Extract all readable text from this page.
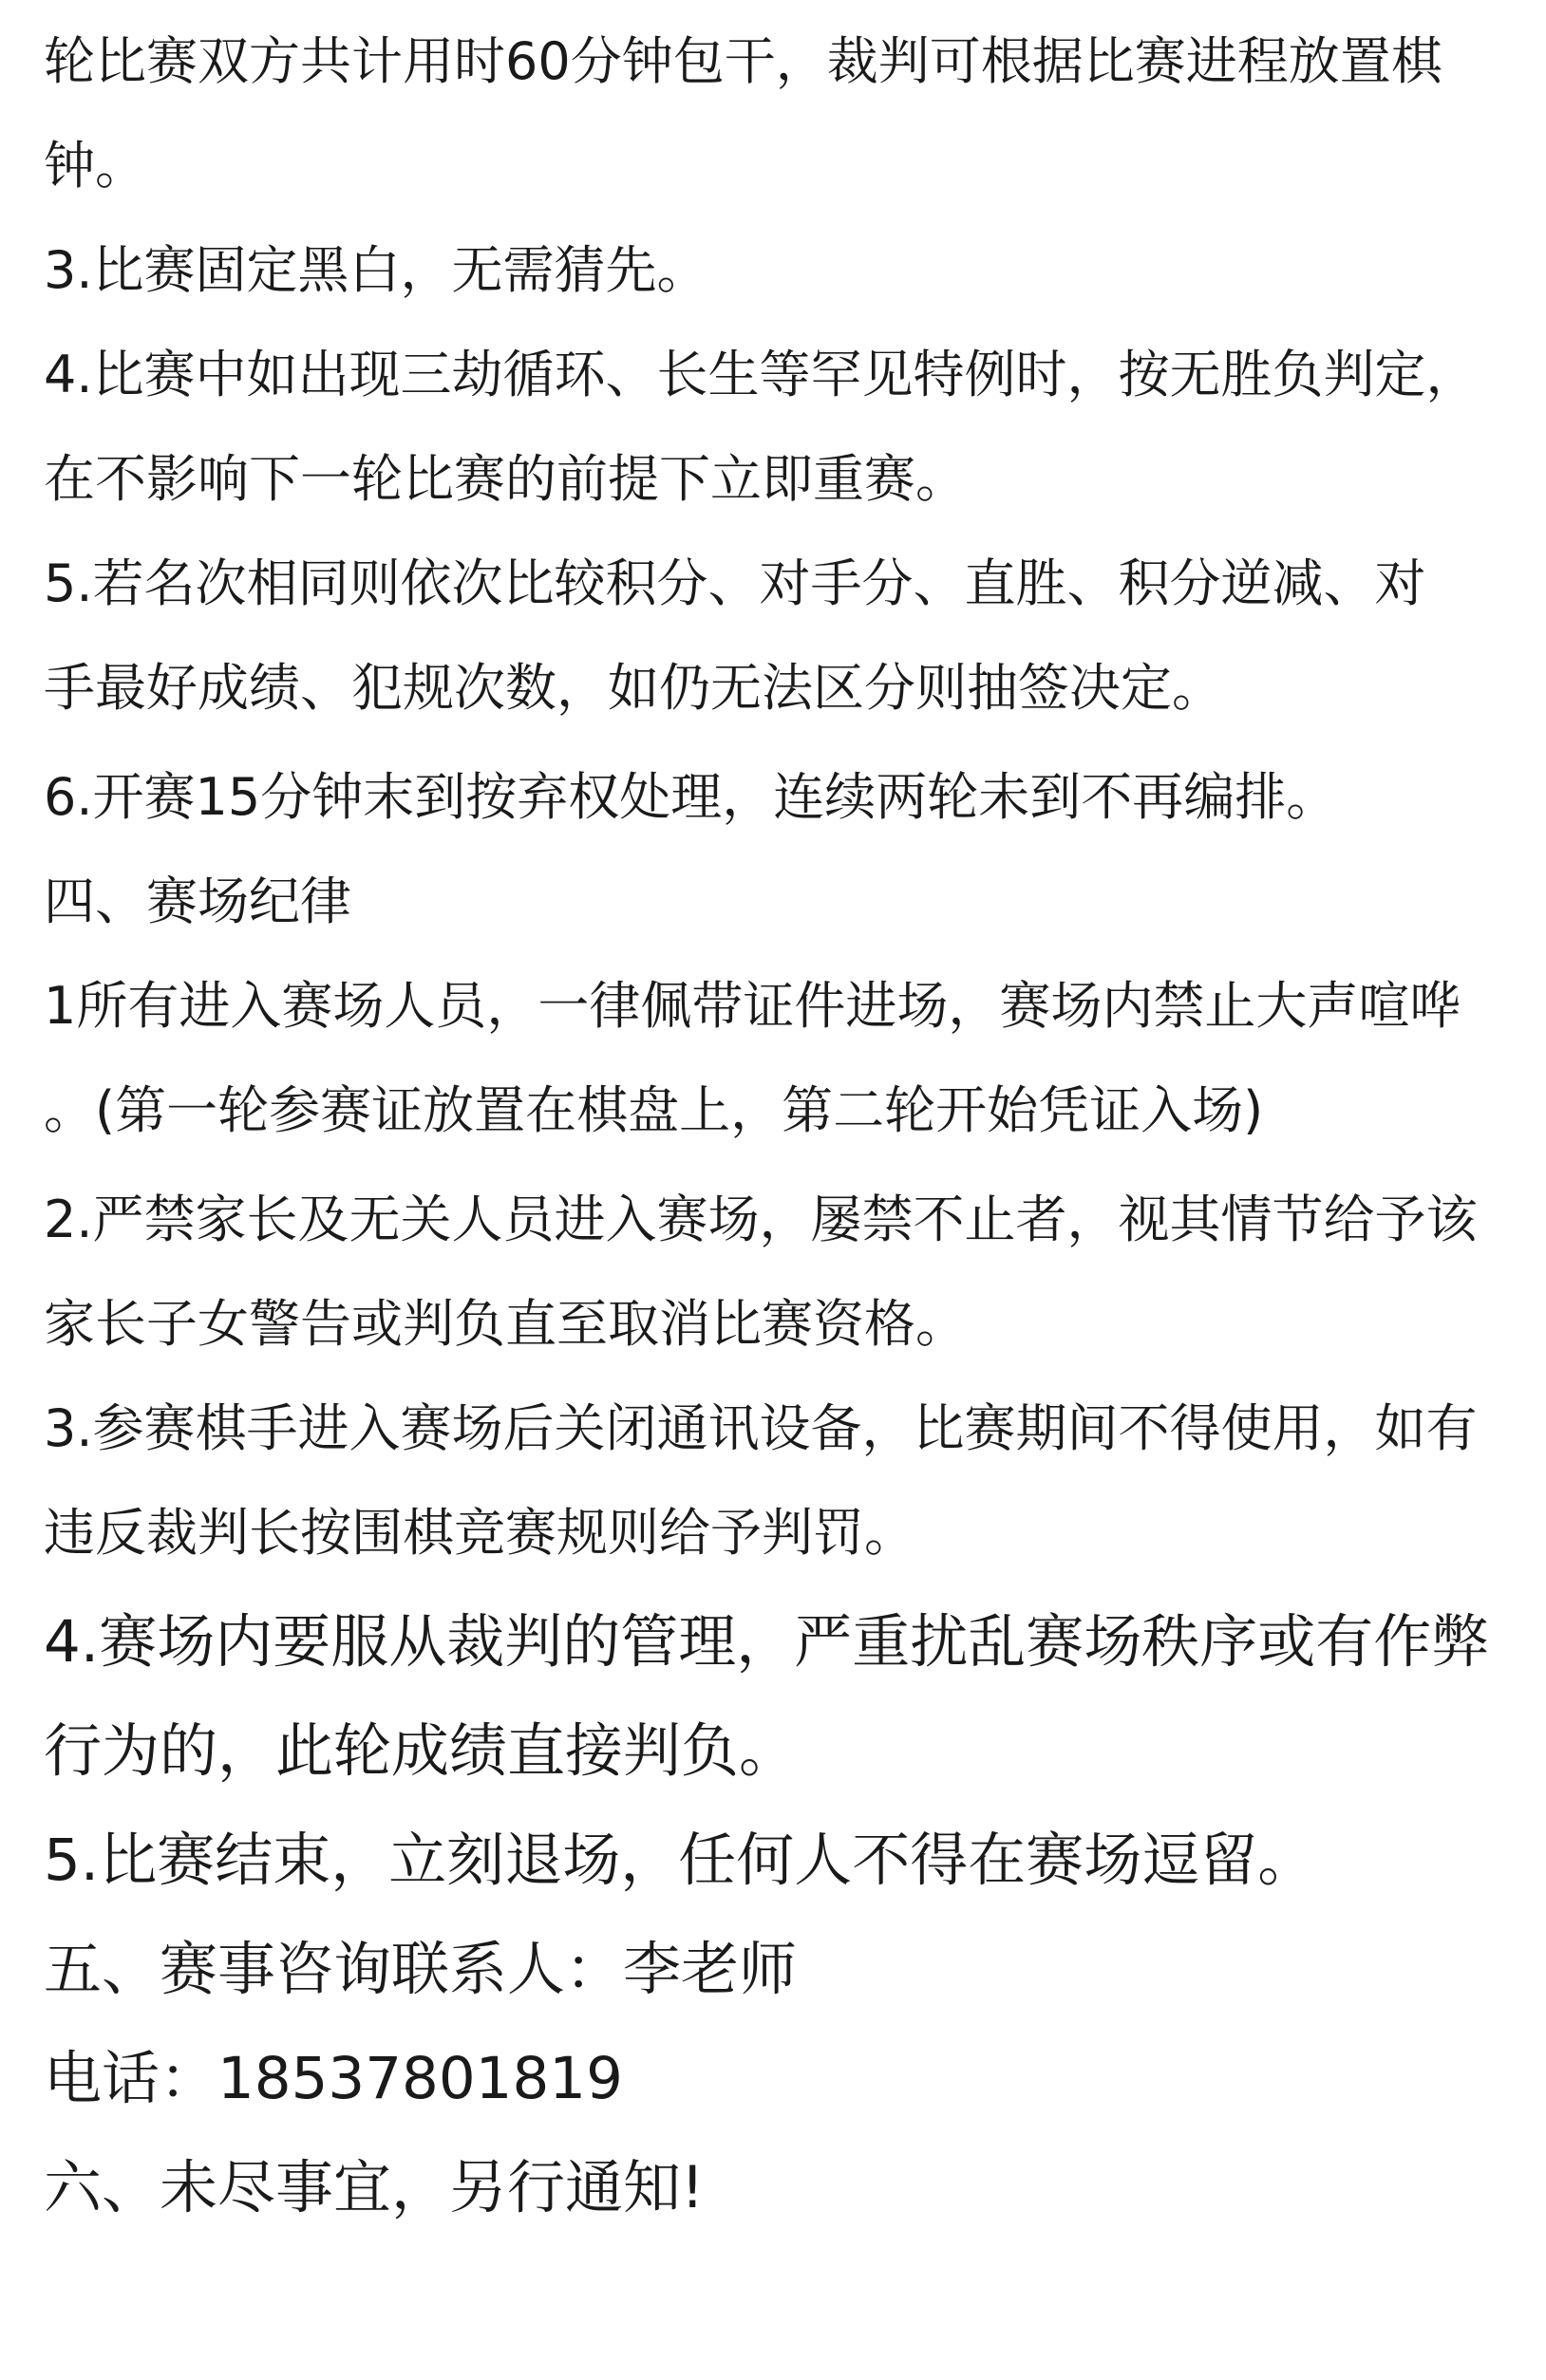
轮比赛双方共计用时60分钟包干，裁判可根据比赛进程放置棋
钟。
3.比赛固定黑白，无需猜先。
4.比赛中如出现三劫循环、长生等罕见特例时，按无胜负判定，
在不影响下一轮比赛的前提下立即重赛。
5.若名次相同则依次比较积分、对手分、直胜、积分逆减、对
手最好成绩、犯规次数，如仍无法区分则抽签决定。
6.开赛15分钟末到按弃权处理，连续两轮未到不再编排。
四、赛场纪律
1所有进入赛场人员，一律佩带证件进场，赛场内禁止大声喧哗
。(第一轮参赛证放置在棋盘上，第二轮开始凭证入场)
2.严禁家长及无关人员进入赛场，屡禁不止者，视其情节给予该
家长子女警告或判负直至取消比赛资格。
3.参赛棋手进入赛场后关闭通讯设备，比赛期间不得使用，如有
违反裁判长按围棋竞赛规则给予判罚。
4.赛场内要服从裁判的管理，严重扰乱赛场秩序或有作弊
行为的，此轮成绩直接判负。
5.比赛结束，立刻退场，任何人不得在赛场逗留。
五、赛事咨询联系人：李老师
电话：18537801819
六、未尽事宜，另行通知!
